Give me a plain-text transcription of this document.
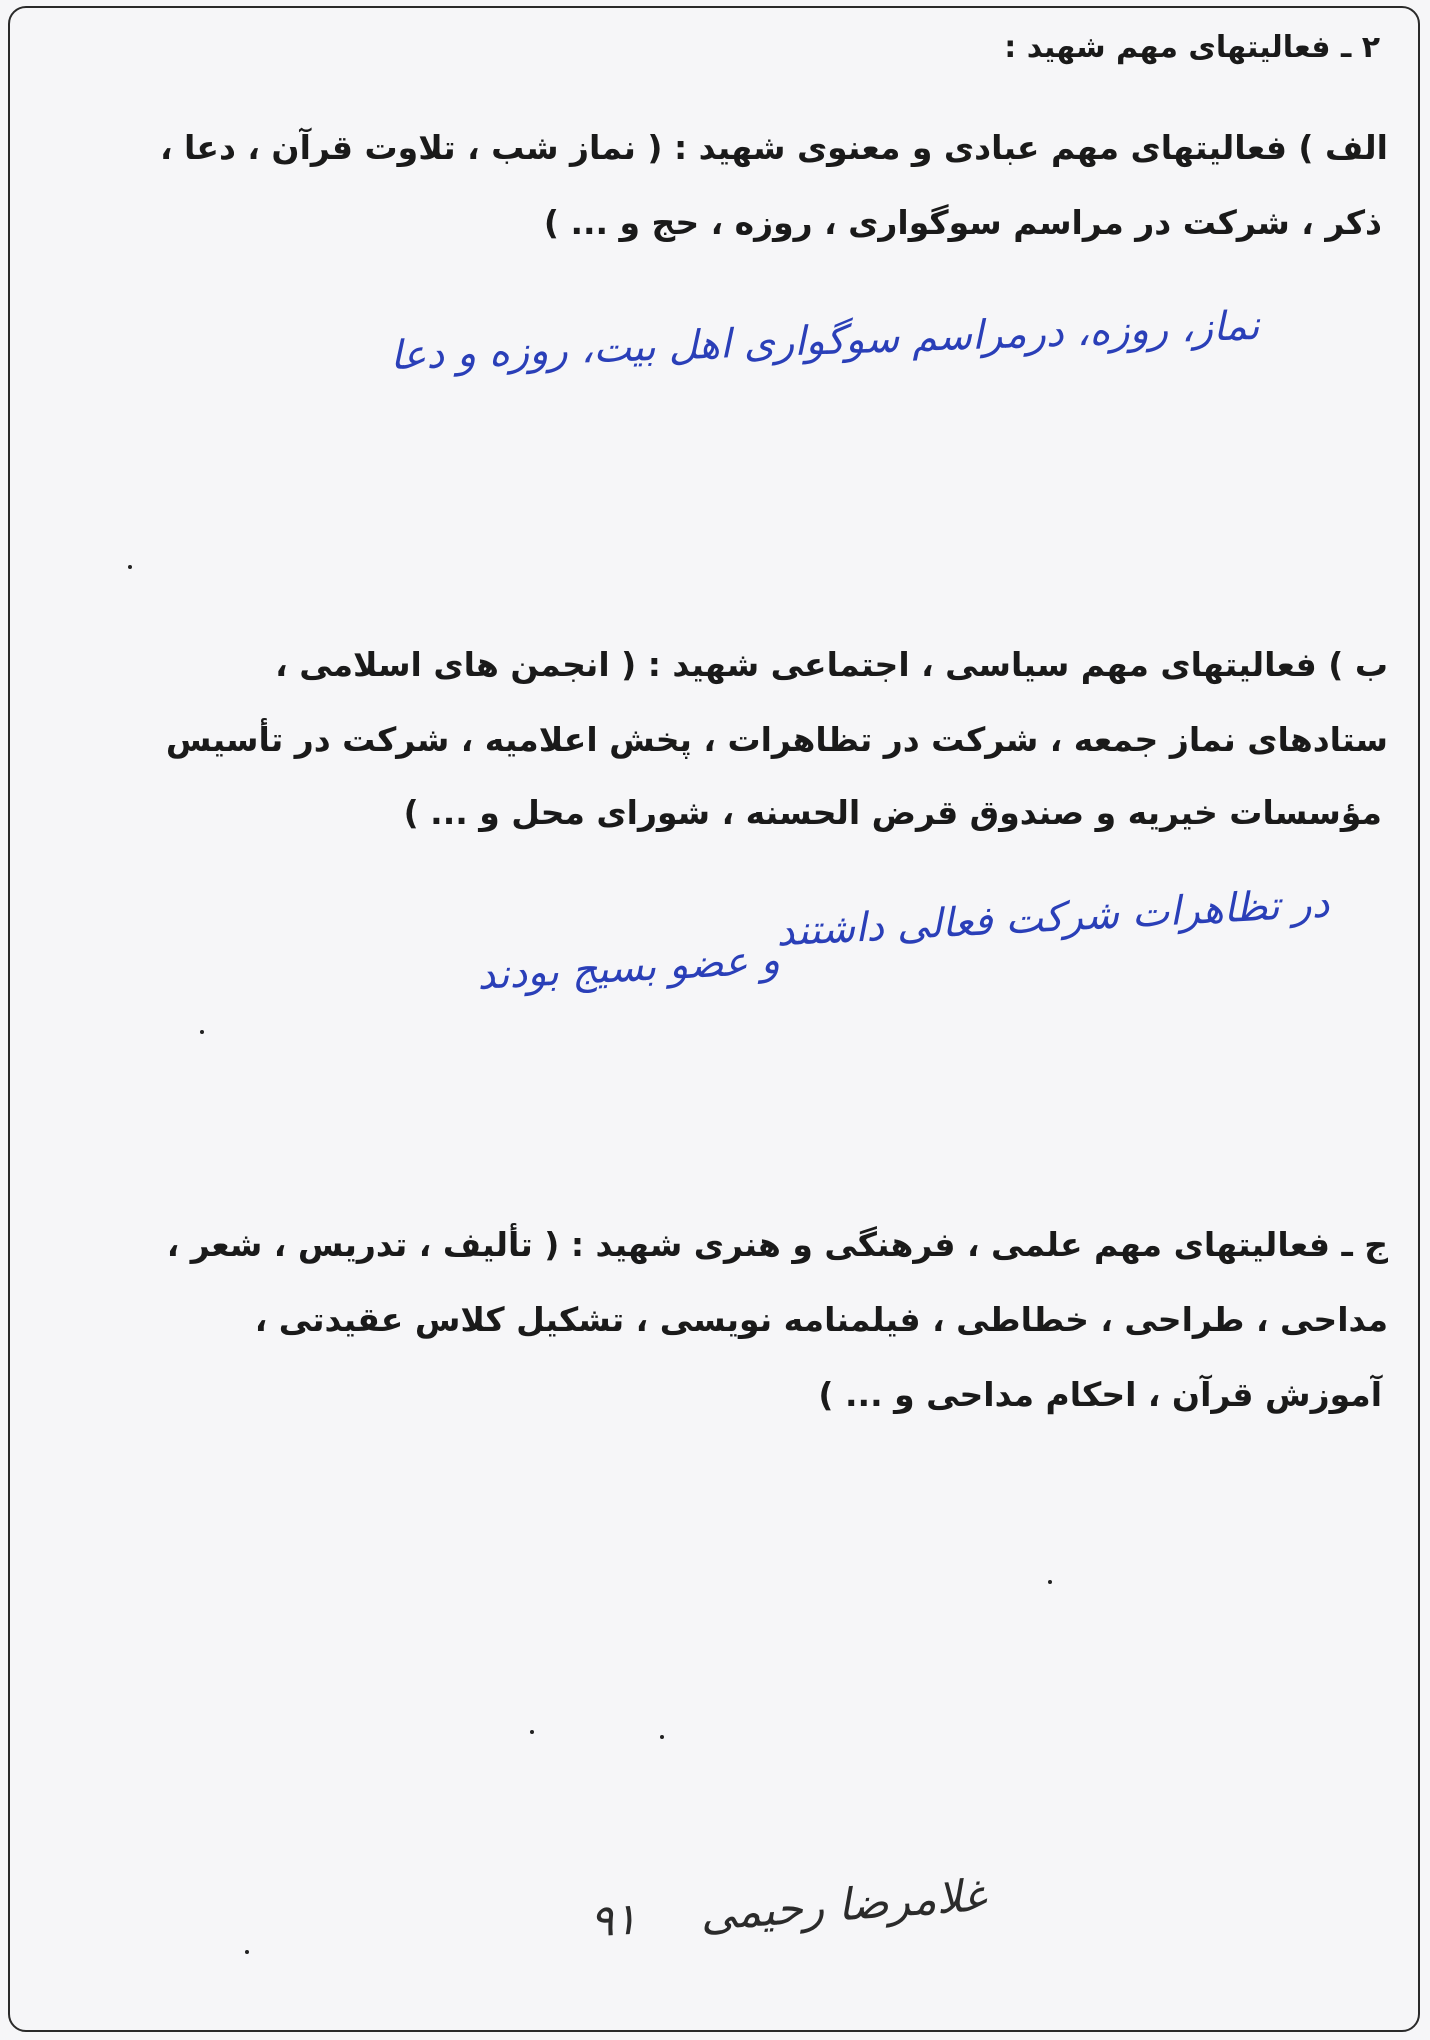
۲ ـ فعالیتهای مهم شهید :
الف ) فعالیتهای مهم عبادی و معنوی شهید : ( نماز شب ، تلاوت قرآن ، دعا ،
ذکر ، شرکت در مراسم سوگواری ، روزه ، حج و ... )
نماز، روزه، درمراسم سوگواری اهل بیت، روزه و دعا
ب ) فعالیتهای مهم سیاسی ، اجتماعی شهید : ( انجمن های اسلامی ،
ستادهای نماز جمعه ، شرکت در تظاهرات ، پخش اعلامیه ، شرکت در تأسیس
مؤسسات خیریه و صندوق قرض الحسنه ، شورای محل و ... )
در تظاهرات شرکت فعالی داشتند
و عضو بسیج بودند
ج ـ فعالیتهای مهم علمی ، فرهنگی و هنری شهید : ( تألیف ، تدریس ، شعر ،
مداحی ، طراحی ، خطاطی ، فیلمنامه نویسی ، تشکیل کلاس عقیدتی ،
آموزش قرآن ، احکام مداحی و ... )
غلامرضا رحیمی
۹۱
